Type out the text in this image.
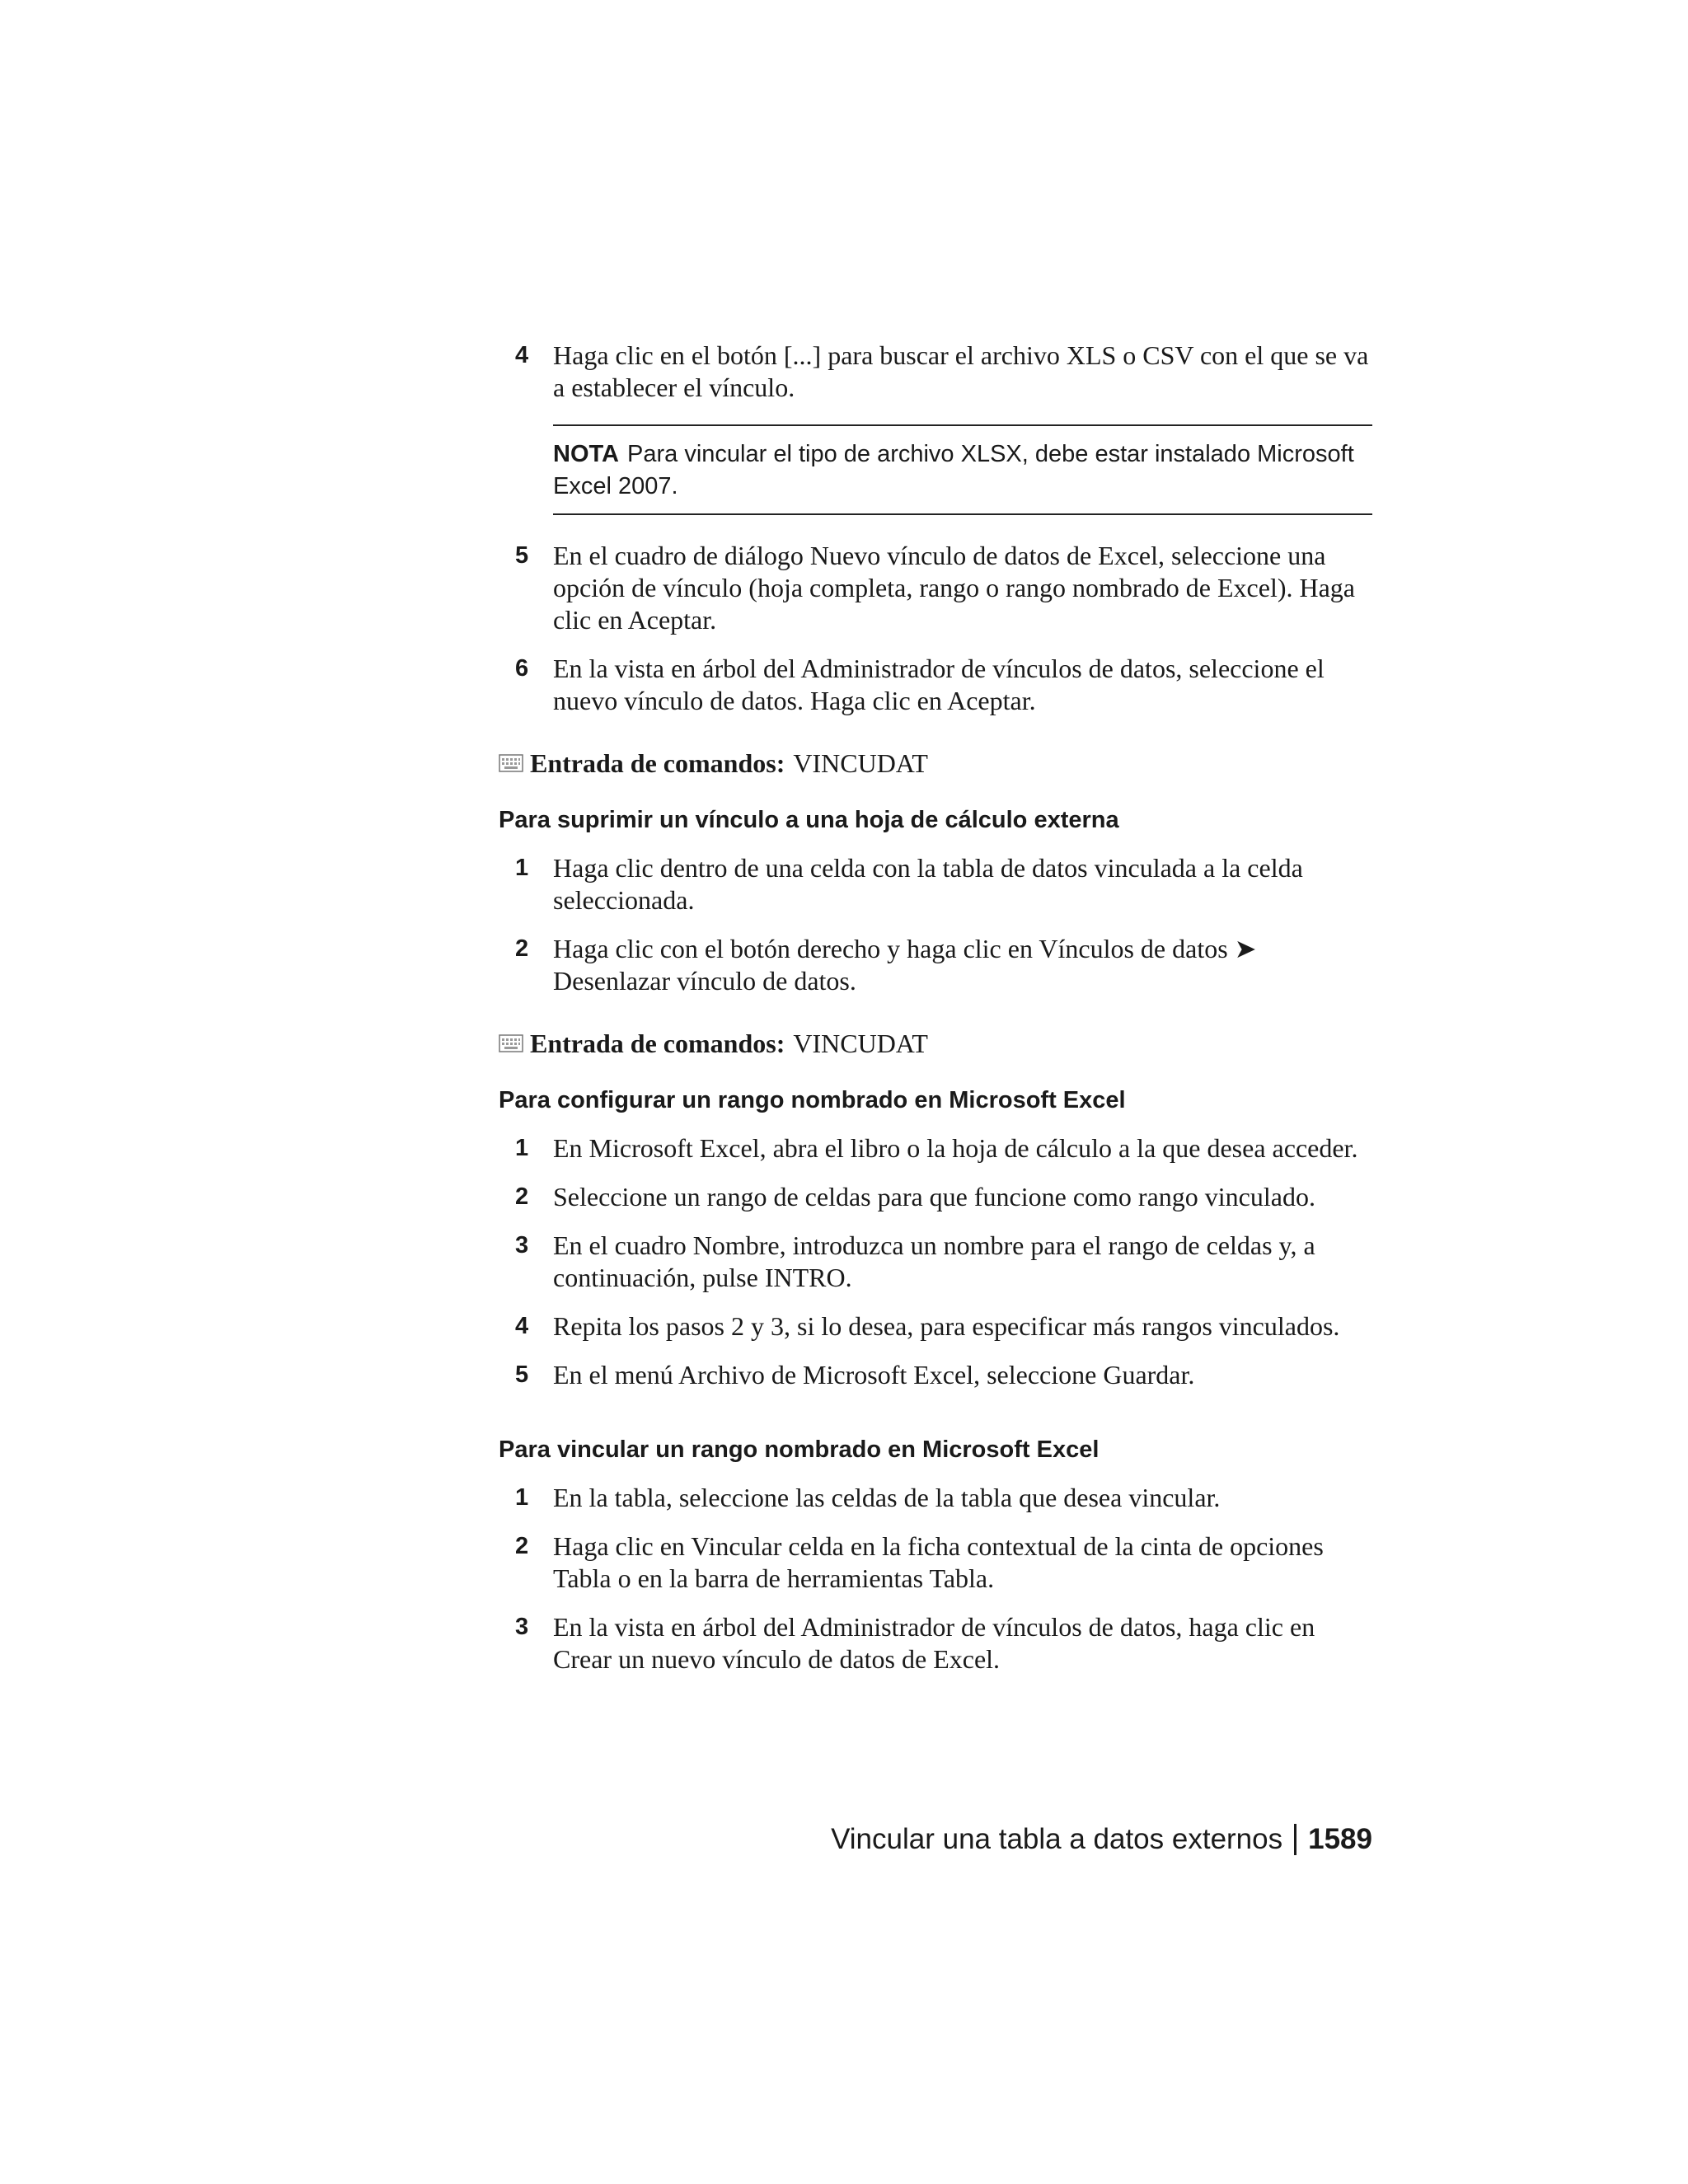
4 Haga clic en el botón [...] para buscar el archivo XLS o CSV con el que se va a establecer el vínculo.
NOTA Para vincular el tipo de archivo XLSX, debe estar instalado Microsoft Excel 2007.
5 En el cuadro de diálogo Nuevo vínculo de datos de Excel, seleccione una opción de vínculo (hoja completa, rango o rango nombrado de Excel). Haga clic en Aceptar.
6 En la vista en árbol del Administrador de vínculos de datos, seleccione el nuevo vínculo de datos. Haga clic en Aceptar.
Entrada de comandos: VINCUDAT
Para suprimir un vínculo a una hoja de cálculo externa
1 Haga clic dentro de una celda con la tabla de datos vinculada a la celda seleccionada.
2 Haga clic con el botón derecho y haga clic en Vínculos de datos ➤ Desenlazar vínculo de datos.
Entrada de comandos: VINCUDAT
Para configurar un rango nombrado en Microsoft Excel
1 En Microsoft Excel, abra el libro o la hoja de cálculo a la que desea acceder.
2 Seleccione un rango de celdas para que funcione como rango vinculado.
3 En el cuadro Nombre, introduzca un nombre para el rango de celdas y, a continuación, pulse INTRO.
4 Repita los pasos 2 y 3, si lo desea, para especificar más rangos vinculados.
5 En el menú Archivo de Microsoft Excel, seleccione Guardar.
Para vincular un rango nombrado en Microsoft Excel
1 En la tabla, seleccione las celdas de la tabla que desea vincular.
2 Haga clic en Vincular celda en la ficha contextual de la cinta de opciones Tabla o en la barra de herramientas Tabla.
3 En la vista en árbol del Administrador de vínculos de datos, haga clic en Crear un nuevo vínculo de datos de Excel.
Vincular una tabla a datos externos 1589
